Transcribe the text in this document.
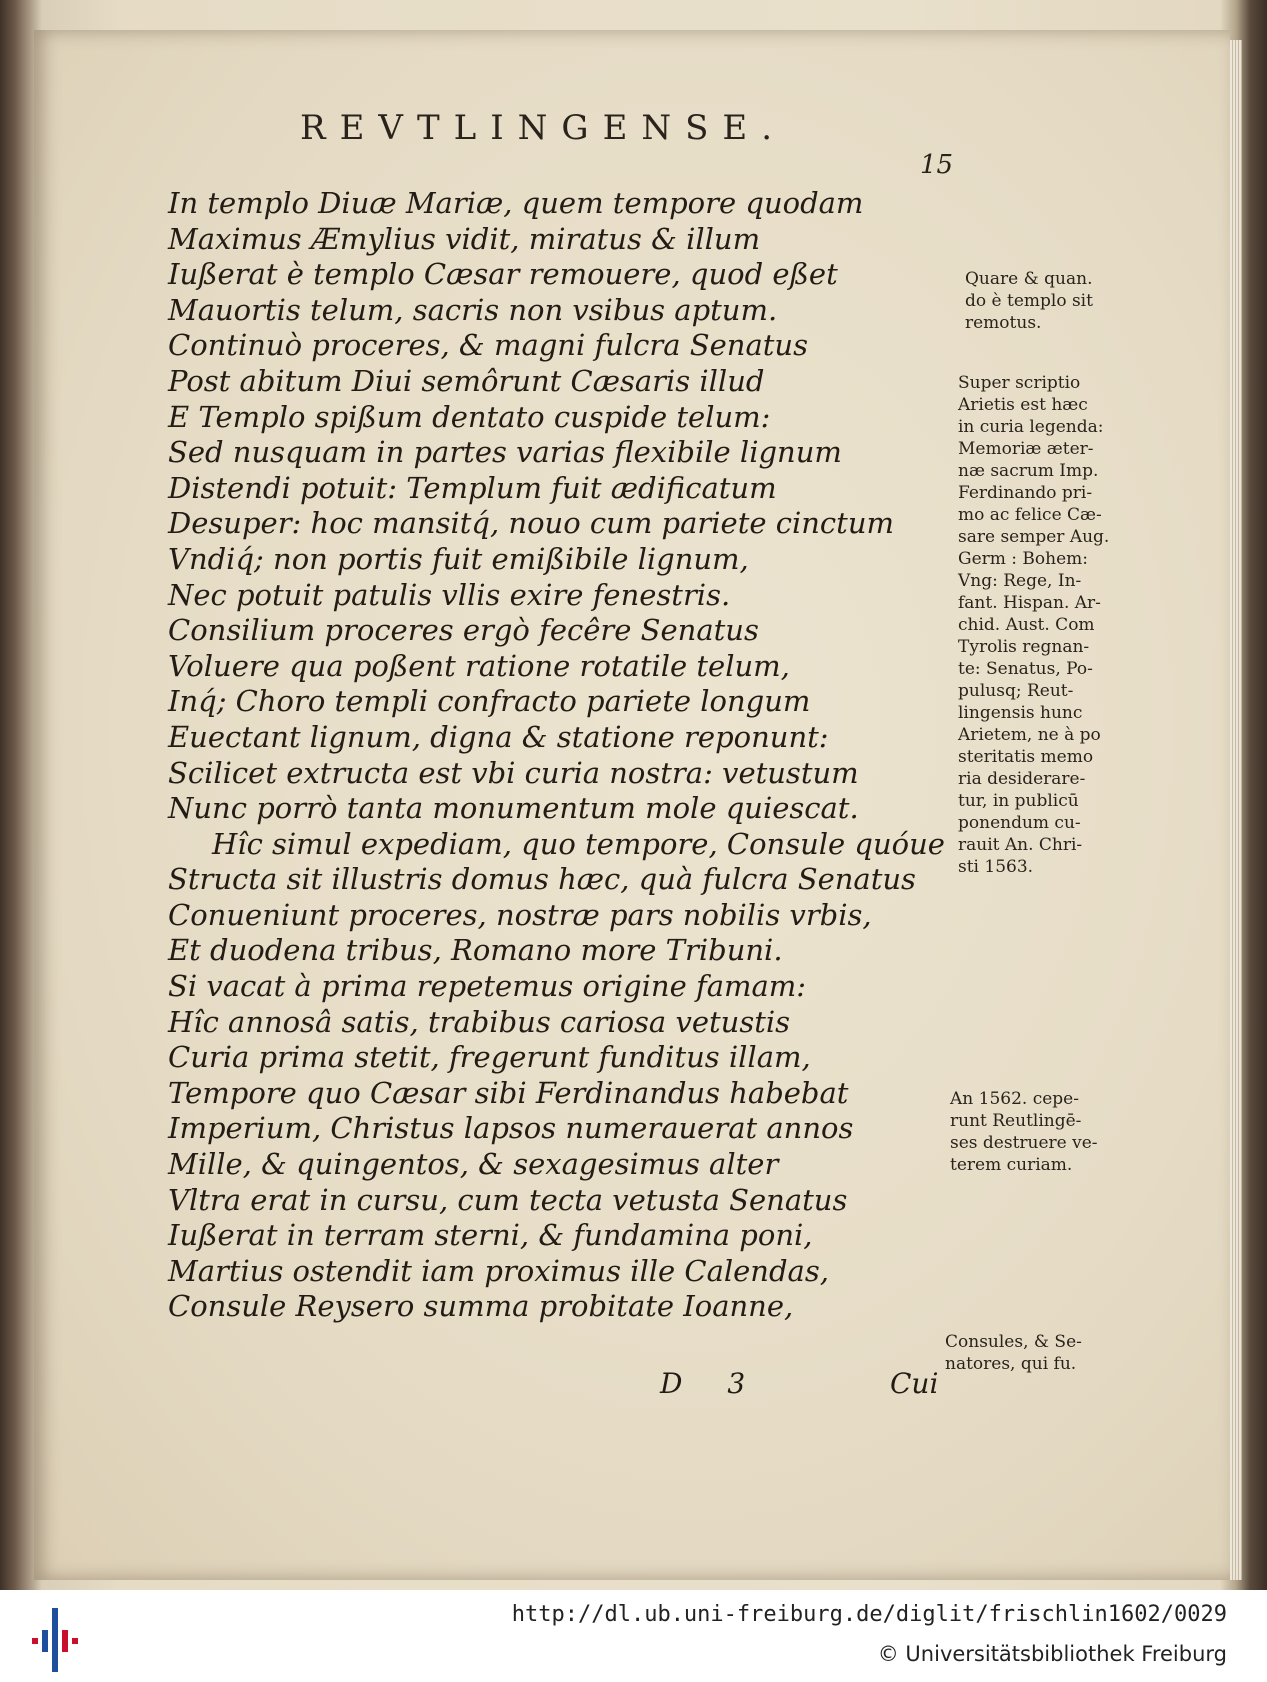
REVTLINGENSE.
15
In templo Diuæ Mariæ, quem tempore quodam
Maximus Æmylius vidit, miratus & illum
Iußerat è templo Cæsar remouere, quod eßet
Mauortis telum, sacris non vsibus aptum.
Continuò proceres, & magni fulcra Senatus
Post abitum Diui semôrunt Cæsaris illud
E Templo spißum dentato cuspide telum:
Sed nusquam in partes varias flexibile lignum
Distendi potuit: Templum fuit ædificatum
Desuper: hoc mansitq́, nouo cum pariete cinctum
Vndiq́; non portis fuit emißibile lignum,
Nec potuit patulis vllis exire fenestris.
Consilium proceres ergò fecêre Senatus
Voluere qua poßent ratione rotatile telum,
Inq́; Choro templi confracto pariete longum
Euectant lignum, digna & statione reponunt:
Scilicet extructa est vbi curia nostra: vetustum
Nunc porrò tanta monumentum mole quiescat.
Hîc simul expediam, quo tempore, Consule quóue
Structa sit illustris domus hæc, quà fulcra Senatus
Conueniunt proceres, nostræ pars nobilis vrbis,
Et duodena tribus, Romano more Tribuni.
Si vacat à prima repetemus origine famam:
Hîc annosâ satis, trabibus cariosa vetustis
Curia prima stetit, fregerunt funditus illam,
Tempore quo Cæsar sibi Ferdinandus habebat
Imperium, Christus lapsos numerauerat annos
Mille, & quingentos, & sexagesimus alter
Vltra erat in cursu, cum tecta vetusta Senatus
Iußerat in terram sterni, & fundamina poni,
Martius ostendit iam proximus ille Calendas,
Consule Reysero summa probitate Ioanne,
Quare & quan.
do è templo sit
remotus.
Super scriptio
Arietis est hæc
in curia legenda:
Memoriæ æter-
næ sacrum Imp.
Ferdinando pri-
mo ac felice Cæ-
sare semper Aug.
Germ : Bohem:
Vng: Rege, In-
fant. Hispan. Ar-
chid. Aust. Com
Tyrolis regnan-
te: Senatus, Po-
pulusq; Reut-
lingensis hunc
Arietem, ne à po
steritatis memo
ria desiderare-
tur, in publicū
ponendum cu-
rauit An. Chri-
sti 1563.
An 1562. cepe-
runt Reutlingē-
ses destruere ve-
terem curiam.
Consules, & Se-
natores, qui fu.
D 3	Cui
http://dl.ub.uni-freiburg.de/diglit/frischlin1602/0029
© Universitätsbibliothek Freiburg
